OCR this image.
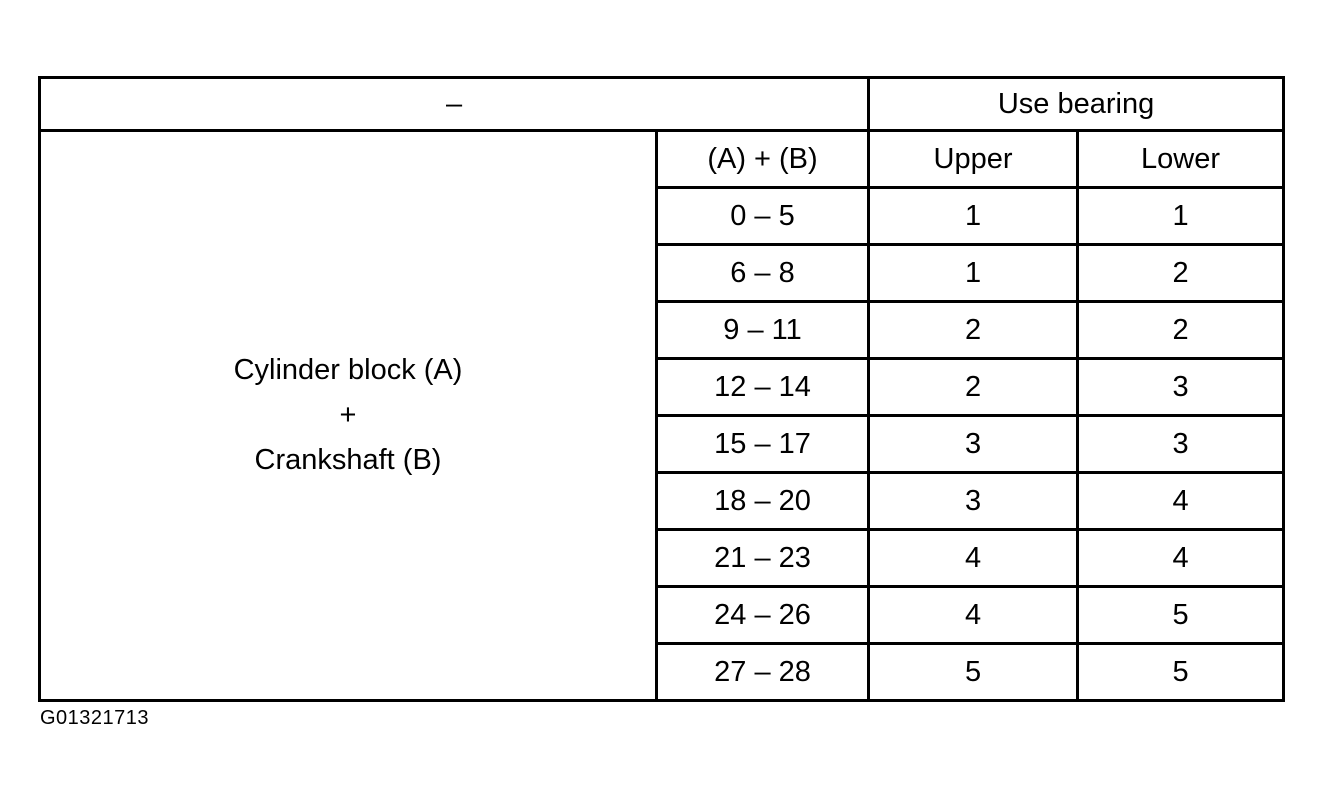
–		Use bearing	

Cylinder block (A)
+
Crankshaft (B)	(A) + (B)	Upper	Lower
	0 – 5	1	1
	6 – 8	1	2
	9 – 11	2	2
	12 – 14	2	3
	15 – 17	3	3
	18 – 20	3	4
	21 – 23	4	4
	24 – 26	4	5
	27 – 28	5	5
G01321713
